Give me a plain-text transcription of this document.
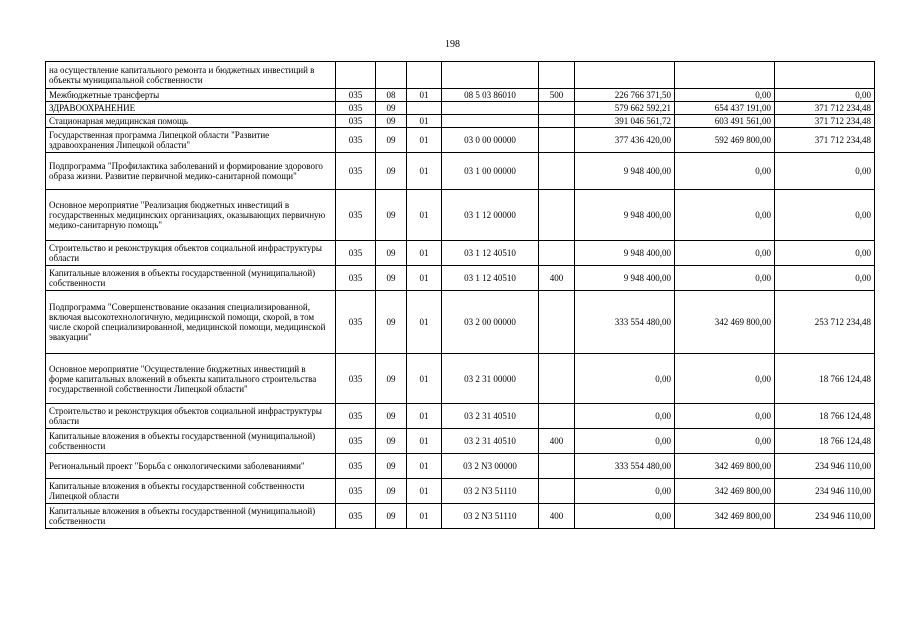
198
на осуществление капитального ремонта и бюджетных инвестиций в объекты муниципальной собственности								
Межбюджетные трансферты	035	08	01	08 5 03 86010	500	226 766 371,50	0,00	0,00
ЗДРАВООХРАНЕНИЕ	035	09				579 662 592,21	654 437 191,00	371 712 234,48
Стационарная медицинская помощь	035	09	01			391 046 561,72	603 491 561,00	371 712 234,48
Государственная программа Липецкой области "Развитие здравоохранения Липецкой области"	035	09	01	03 0 00 00000		377 436 420,00	592 469 800,00	371 712 234,48
Подпрограмма "Профилактика заболеваний и формирование здорового образа жизни. Развитие первичной медико-санитарной помощи"	035	09	01	03 1 00 00000		9 948 400,00	0,00	0,00
Основное мероприятие "Реализация бюджетных инвестиций в государственных медицинских организациях, оказывающих первичную медико-санитарную помощь"	035	09	01	03 1 12 00000		9 948 400,00	0,00	0,00
Строительство и реконструкция объектов социальной инфраструктуры области	035	09	01	03 1 12 40510		9 948 400,00	0,00	0,00
Капитальные вложения в объекты государственной (муниципальной) собственности	035	09	01	03 1 12 40510	400	9 948 400,00	0,00	0,00
Подпрограмма "Совершенствование оказания специализированной, включая высокотехнологичную, медицинской помощи, скорой, в том числе скорой специализированной, медицинской помощи, медицинской эвакуации"	035	09	01	03 2 00 00000		333 554 480,00	342 469 800,00	253 712 234,48
Основное мероприятие "Осуществление бюджетных инвестиций в форме капитальных вложений в объекты капитального строительства государственной собственности Липецкой области"	035	09	01	03 2 31 00000		0,00	0,00	18 766 124,48
Строительство и реконструкция объектов социальной инфраструктуры области	035	09	01	03 2 31 40510		0,00	0,00	18 766 124,48
Капитальные вложения в объекты государственной (муниципальной) собственности	035	09	01	03 2 31 40510	400	0,00	0,00	18 766 124,48
Региональный проект "Борьба с онкологическими заболеваниями"	035	09	01	03 2 N3 00000		333 554 480,00	342 469 800,00	234 946 110,00
Капитальные вложения в объекты государственной собственности Липецкой области	035	09	01	03 2 N3 51110		0,00	342 469 800,00	234 946 110,00
Капитальные вложения в объекты государственной (муниципальной) собственности	035	09	01	03 2 N3 51110	400	0,00	342 469 800,00	234 946 110,00
